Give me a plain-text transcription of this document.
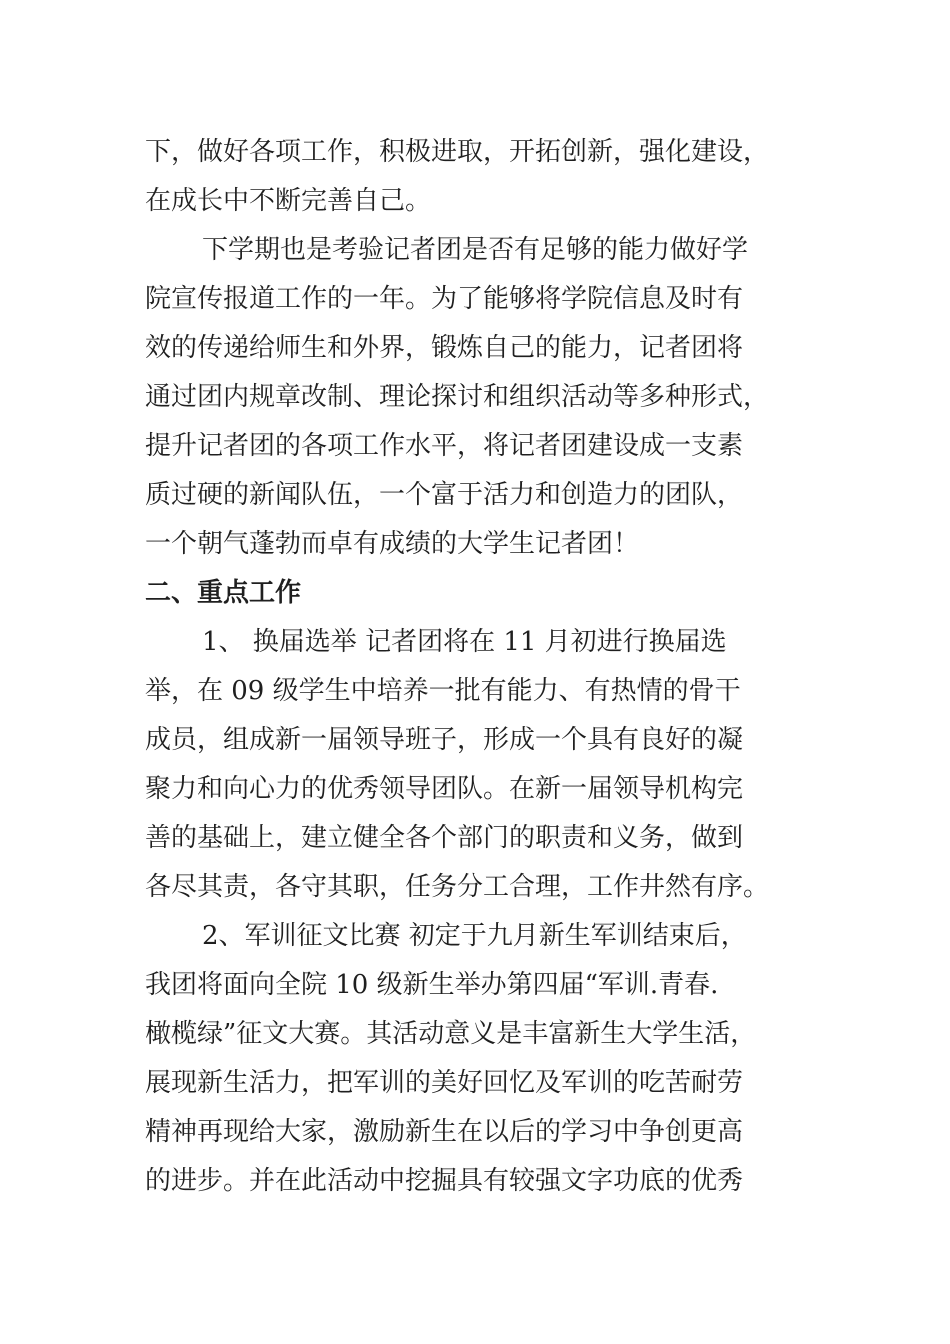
下，做好各项工作，积极进取，开拓创新，强化建设，
在成长中不断完善自己。
下学期也是考验记者团是否有足够的能力做好学
院宣传报道工作的一年。为了能够将学院信息及时有
效的传递给师生和外界，锻炼自己的能力，记者团将
通过团内规章改制、理论探讨和组织活动等多种形式，
提升记者团的各项工作水平，将记者团建设成一支素
质过硬的新闻队伍，一个富于活力和创造力的团队，
一个朝气蓬勃而卓有成绩的大学生记者团！
二、重点工作
1、 换届选举 记者团将在 11 月初进行换届选
举，在 09 级学生中培养一批有能力、有热情的骨干
成员，组成新一届领导班子，形成一个具有良好的凝
聚力和向心力的优秀领导团队。在新一届领导机构完
善的基础上，建立健全各个部门的职责和义务，做到
各尽其责，各守其职，任务分工合理，工作井然有序。
2、军训征文比赛 初定于九月新生军训结束后，
我团将面向全院 10 级新生举办第四届“军训.青春.
橄榄绿”征文大赛。其活动意义是丰富新生大学生活，
展现新生活力，把军训的美好回忆及军训的吃苦耐劳
精神再现给大家，激励新生在以后的学习中争创更高
的进步。并在此活动中挖掘具有较强文字功底的优秀
